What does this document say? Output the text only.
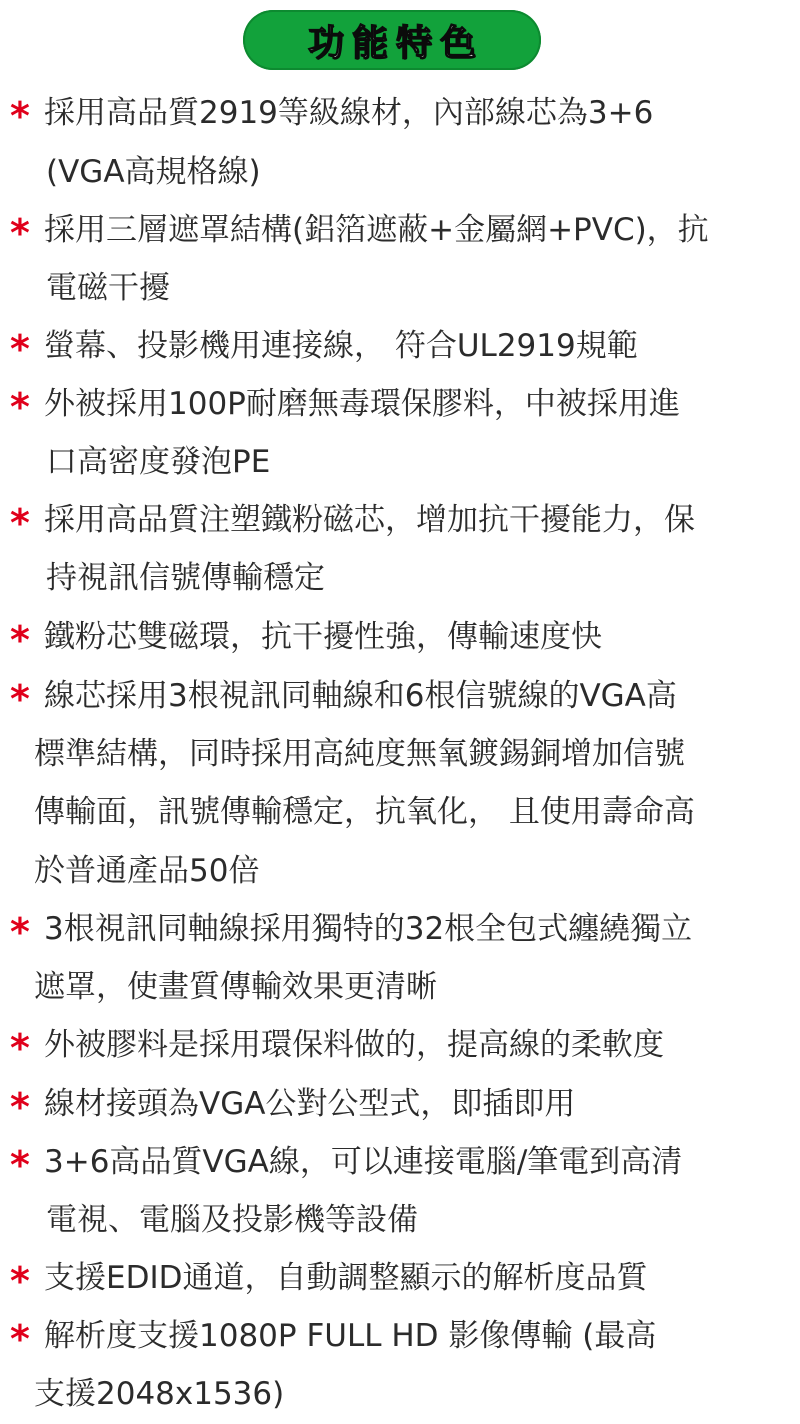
功能特色
* 採用高品質2919等級線材，內部線芯為3+6
(VGA高規格線)
* 採用三層遮罩結構(鋁箔遮蔽+金屬網+PVC)，抗
電磁干擾
* 螢幕、投影機用連接線， 符合UL2919規範
* 外被採用100P耐磨無毒環保膠料，中被採用進
口高密度發泡PE
* 採用高品質注塑鐵粉磁芯，增加抗干擾能力，保
持視訊信號傳輸穩定
* 鐵粉芯雙磁環，抗干擾性強，傳輸速度快
* 線芯採用3根視訊同軸線和6根信號線的VGA高
標準結構，同時採用高純度無氧鍍錫銅增加信號
傳輸面，訊號傳輸穩定，抗氧化， 且使用壽命高
於普通產品50倍
* 3根視訊同軸線採用獨特的32根全包式纏繞獨立
遮罩，使畫質傳輸效果更清晰
* 外被膠料是採用環保料做的，提高線的柔軟度
* 線材接頭為VGA公對公型式，即插即用
* 3+6高品質VGA線，可以連接電腦/筆電到高清
電視、電腦及投影機等設備
* 支援EDID通道，自動調整顯示的解析度品質
* 解析度支援1080P FULL HD 影像傳輸 (最高
支援2048x1536)
